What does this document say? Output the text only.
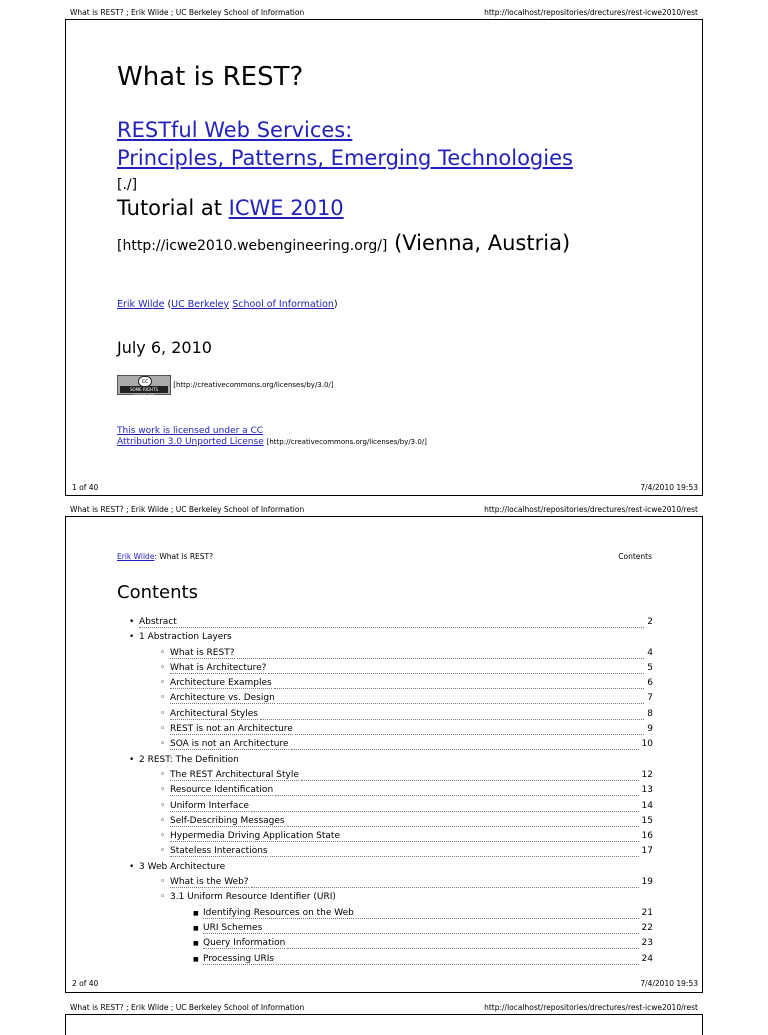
What is REST? ; Erik Wilde ; UC Berkeley School of Information	http://localhost/repositories/drectures/rest-icwe2010/rest
What is REST?
RESTful Web Services:
Principles, Patterns, Emerging Technologies
[./]
Tutorial at ICWE 2010
[http://icwe2010.webengineering.org/] (Vienna, Austria)
Erik Wilde (UC Berkeley School of Information)
July 6, 2010
cc
SOME RIGHTS RESERVED
[http://creativecommons.org/licenses/by/3.0/]
This work is licensed under a CC
Attribution 3.0 Unported License [http://creativecommons.org/licenses/by/3.0/]
1 of 40	7/4/2010 19:53
What is REST? ; Erik Wilde ; UC Berkeley School of Information	http://localhost/repositories/drectures/rest-icwe2010/rest
Erik Wilde: What is REST?	Contents
Contents
• Abstract	2
• 1 Abstraction Layers
◦ What is REST?	4
◦ What is Architecture?	5
◦ Architecture Examples	6
◦ Architecture vs. Design	7
◦ Architectural Styles	8
◦ REST is not an Architecture	9
◦ SOA is not an Architecture	10
• 2 REST: The Definition
◦ The REST Architectural Style	12
◦ Resource Identification	13
◦ Uniform Interface	14
◦ Self-Describing Messages	15
◦ Hypermedia Driving Application State	16
◦ Stateless Interactions	17
• 3 Web Architecture
◦ What is the Web?	19
◦ 3.1 Uniform Resource Identifier (URI)
■ Identifying Resources on the Web	21
■ URI Schemes	22
■ Query Information	23
■ Processing URIs	24
2 of 40	7/4/2010 19:53
What is REST? ; Erik Wilde ; UC Berkeley School of Information	http://localhost/repositories/drectures/rest-icwe2010/rest
